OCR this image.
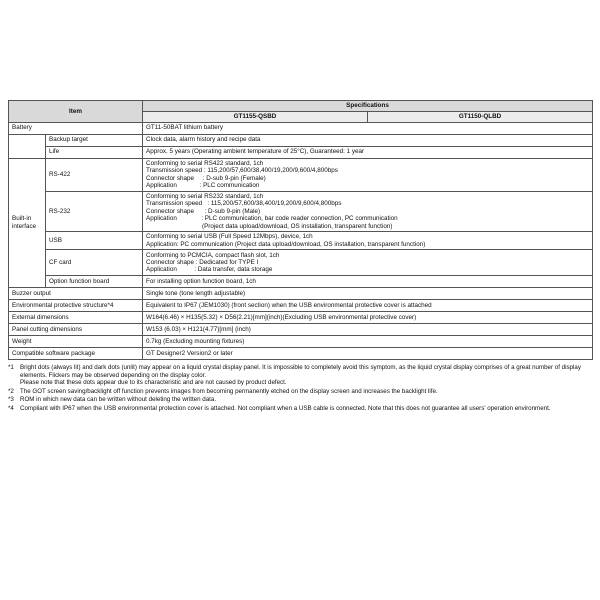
Item		Specifications	
		GT1155-QSBD	GT1150-QLBD
Battery		GT11-50BAT lithium battery	
	Backup target	Clock data, alarm history and recipe data	
	Life	Approx. 5 years (Operating ambient temperature of 25°C), Guaranteed: 1 year	
Built-in
interface	RS-422	Conforming to serial RS422 standard, 1ch
Transmission speed : 115,200/57,600/38,400/19,200/9,600/4,800bps
Connector shape     : D-sub 9-pin (Female)
Application             : PLC communication	
	RS-232	Conforming to serial RS232 standard, 1ch
Transmission speed   : 115,200/57,600/38,400/19,200/9,600/4,800bps
Connector shape      : D-sub 9-pin (Male)
Application              : PLC communication, bar code reader connection, PC communication
(Project data upload/download, OS installation, transparent function)	
	USB	Conforming to serial USB (Full Speed 12Mbps), device, 1ch
Application: PC communication (Project data upload/download, OS installation, transparent function)	
	CF card	Conforming to PCMCIA, compact flash slot, 1ch
Connector shape : Dedicated for TYPE I
Application          : Data transfer, data storage	
	Option function board	For installing option function board, 1ch	
Buzzer output		Single tone (tone length adjustable)	
Environmental protective structure*4		Equivalent to IP67 (JEM1030) (front section) when the USB environmental protective cover is attached	
External dimensions		W164(6.46) × H135(5.32) × D56(2.21)[mm](inch)(Excluding USB environmental protective cover)	
Panel cutting dimensions		W153 (6.03) × H121(4.77)[mm] (inch)	
Weight		0.7kg (Excluding mounting fixtures)	
Compatible software package		GT Designer2 Version2 or later	
*1 Bright dots (always lit) and dark dots (unlit) may appear on a liquid crystal display panel. It is impossible to completely avoid this symptom, as the liquid crystal display comprises of a great number of display elements. Flickers may be observed depending on the display color.
Please note that these dots appear due to its characteristic and are not caused by product defect.
*2 The GOT screen saving/backlight off function prevents images from becoming permanently etched on the display screen and increases the backlight life.
*3 ROM in which new data can be written without deleting the written data.
*4 Compliant with IP67 when the USB environmental protection cover is attached. Not compliant when a USB cable is connected. Note that this does not guarantee all users' operation environment.
